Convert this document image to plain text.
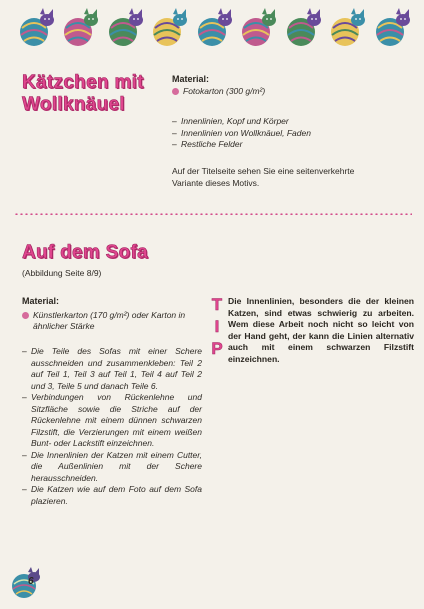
Kätzchen mit
Wollknäuel
Material:
Fotokarton (300 g/m²)
– Innenlinien, Kopf und Körper
– Innenlinien von Wollknäuel, Faden
– Restliche Felder
Auf der Titelseite sehen Sie eine seitenverkehrte Variante dieses Motivs.
Auf dem Sofa
(Abbildung Seite 8/9)
Material:
Künstlerkarton (170 g/m²) oder Karton in ähnlicher Stärke
– Die Teile des Sofas mit einer Schere ausschneiden und zusammenkleben: Teil 2 auf Teil 1, Teil 3 auf Teil 1, Teil 4 auf Teil 2 und 3, Teile 5 und danach Teile 6.
– Verbindungen von Rückenlehne und Sitzfläche sowie die Striche auf der Rückenlehne mit einem dünnen schwarzen Filzstift, die Verzierungen mit einem weißen Bunt- oder Lackstift einzeichnen.
– Die Innenlinien der Katzen mit einem Cutter, die Außenlinien mit der Schere herausschneiden.
– Die Katzen wie auf dem Foto auf dem Sofa plazieren.
T
I
P
Die Innenlinien, besonders die der kleinen Katzen, sind etwas schwierig zu arbeiten. Wem diese Arbeit noch nicht so leicht von der Hand geht, der kann die Linien alternativ auch mit einem schwarzen Filzstift einzeichnen.
6
